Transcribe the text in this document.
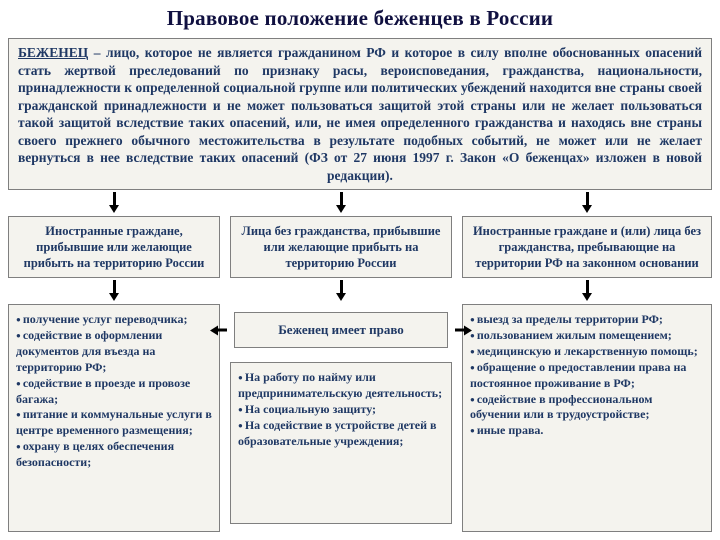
Правовое положение беженцев в России
БЕЖЕНЕЦ – лицо, которое не является гражданином РФ и которое в силу вполне обоснованных опасений стать жертвой преследований по признаку расы, вероисповедания, гражданства, национальности, принадлежности к определенной социальной группе или политических убеждений находится вне страны своей гражданской принадлежности и не может пользоваться защитой этой страны или не желает пользоваться такой защитой вследствие таких опасений, или, не имея определенного гражданства и находясь вне страны своего прежнего обычного местожительства в результате подобных событий, не может или не желает вернуться в нее вследствие таких опасений (ФЗ от 27 июня 1997 г. Закон «О беженцах» изложен в новой редакции).
Иностранные граждане, прибывшие или желающие прибыть на территорию России
Лица без гражданства, прибывшие или желающие прибыть на территорию России
Иностранные граждане и (или) лица без гражданства, пребывающие на территории РФ на законном основании
● получение услуг переводчика;
● содействие в оформлении документов для въезда на территорию РФ;
● содействие в проезде и провозе багажа;
● питание и коммунальные услуги в центре временного размещения;
● охрану в целях обеспечения безопасности;
Беженец имеет право
● На работу по найму или предпринимательскую деятельность;
● На социальную защиту;
● На содействие в устройстве детей в образовательные учреждения;
● выезд за пределы территории РФ;
● пользованием жилым помещением;
● медицинскую и лекарственную помощь;
● обращение о предоставлении права на постоянное проживание в РФ;
● содействие в профессиональном обучении или в трудоустройстве;
● иные права.
